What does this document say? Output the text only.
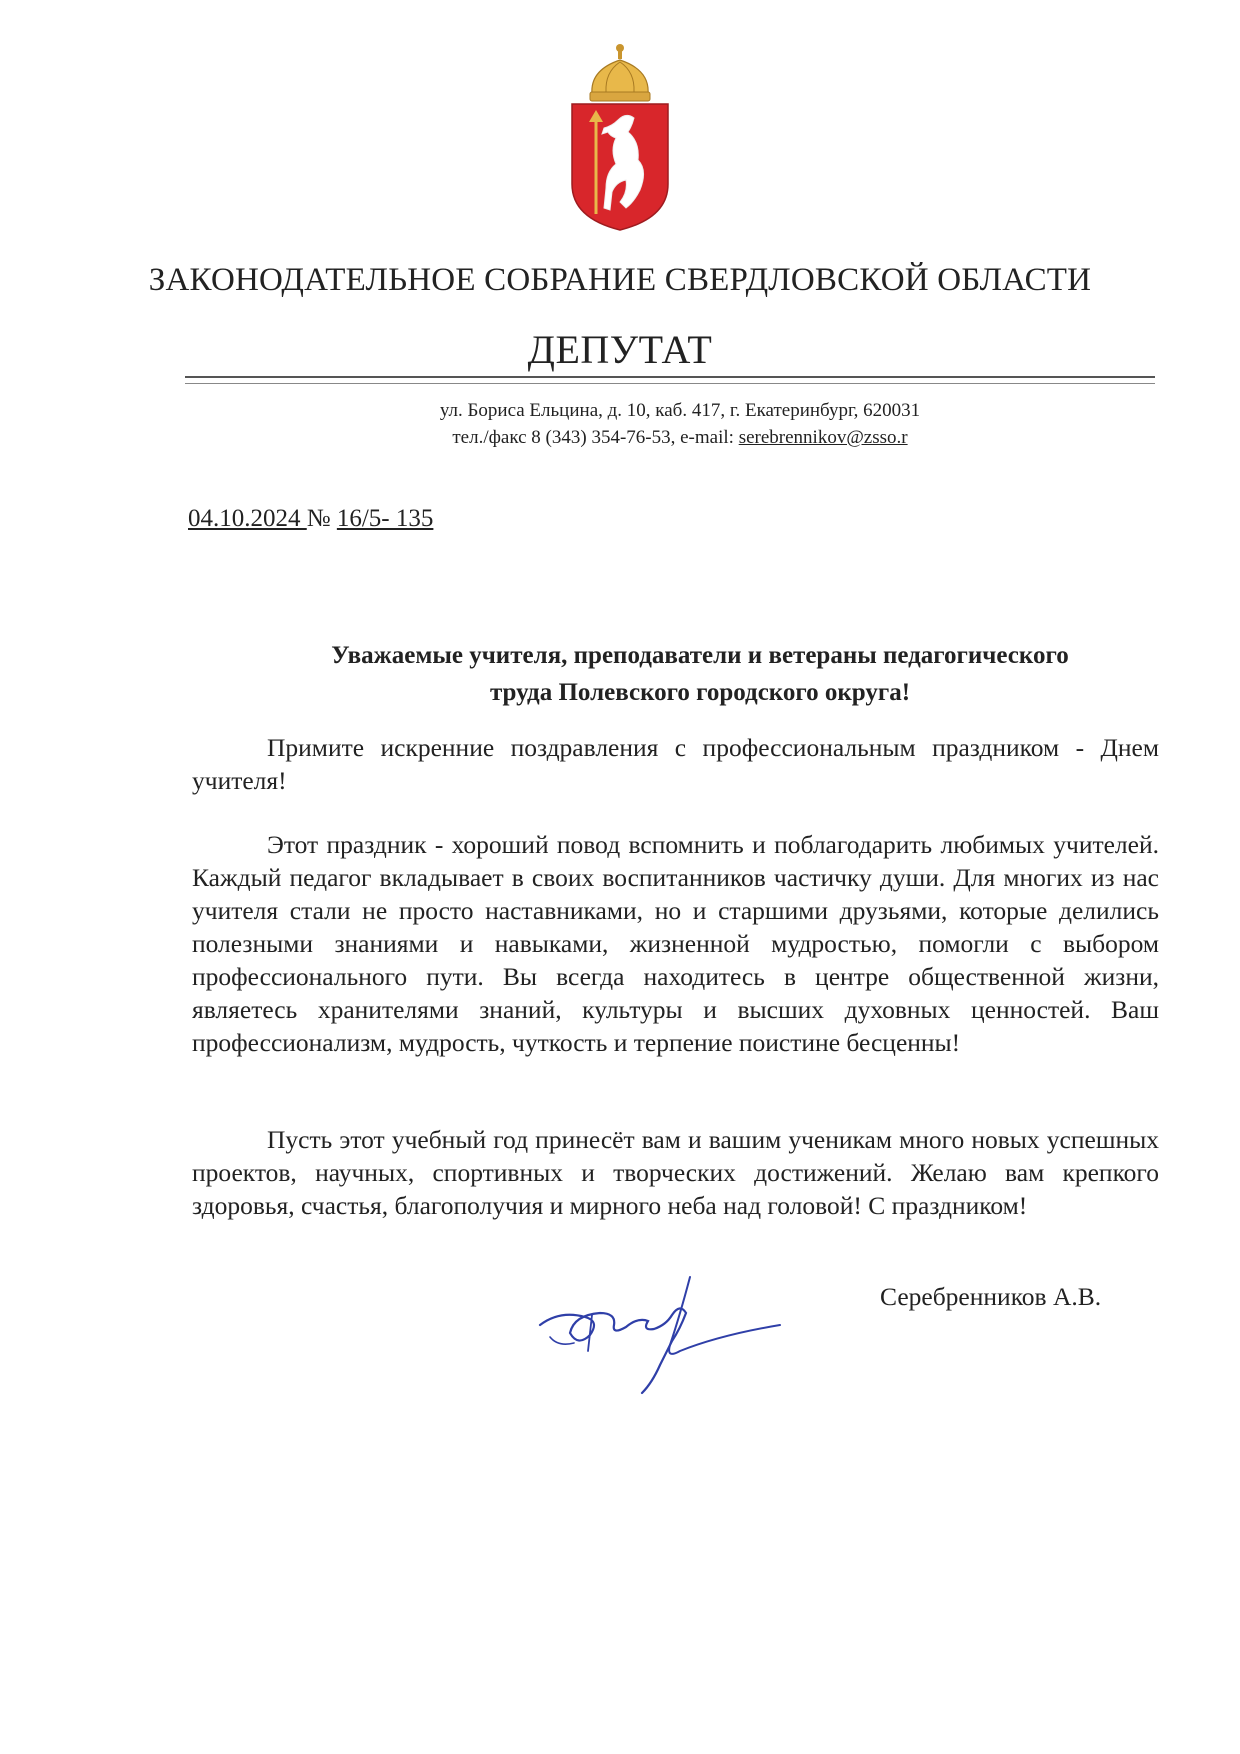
ЗАКОНОДАТЕЛЬНОЕ СОБРАНИЕ СВЕРДЛОВСКОЙ ОБЛАСТИ
ДЕПУТАТ
ул. Бориса Ельцина, д. 10, каб. 417, г. Екатеринбург, 620031
тел./факс 8 (343) 354-76-53, e-mail: serebrennikov@zsso.r
04.10.2024 № 16/5- 135
Уважаемые учителя, преподаватели и ветераны педагогического
труда Полевского городского округа!

Примите искренние поздравления с профессиональным праздником - Днем учителя!

Этот праздник - хороший повод вспомнить и поблагодарить любимых учителей. Каждый педагог вкладывает в своих воспитанников частичку души. Для многих из нас учителя стали не просто наставниками, но и старшими друзьями, которые делились полезными знаниями и навыками, жизненной мудростью, помогли с выбором профессионального пути. Вы всегда находитесь в центре общественной жизни, являетесь хранителями знаний, культуры и высших духовных ценностей. Ваш профессионализм, мудрость, чуткость и терпение поистине бесценны!

Пусть этот учебный год принесёт вам и вашим ученикам много новых успешных проектов, научных, спортивных и творческих достижений. Желаю вам крепкого здоровья, счастья, благополучия и мирного неба над головой! С праздником!

Серебренников А.В.
